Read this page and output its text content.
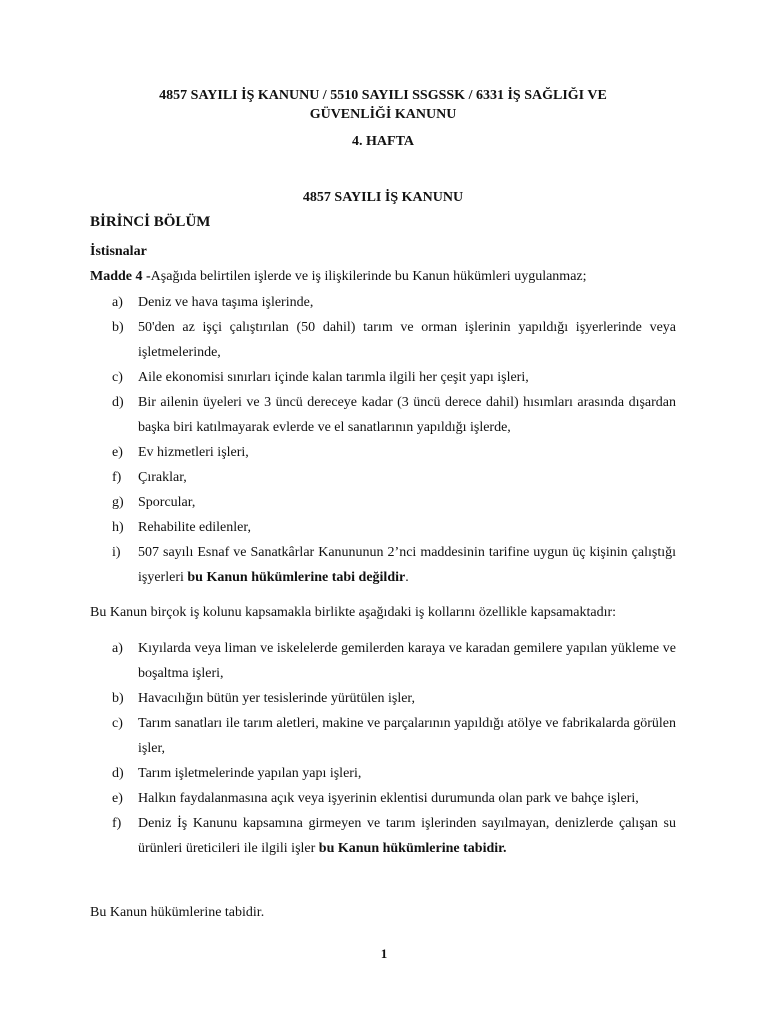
4857 SAYILI İŞ KANUNU / 5510 SAYILI SSGSSK / 6331 İŞ SAĞLIĞI VE
GÜVENLİĞİ KANUNU
4. HAFTA
4857 SAYILI İŞ KANUNU
BİRİNCİ BÖLÜM
İstisnalar
Madde 4 -Aşağıda belirtilen işlerde ve iş ilişkilerinde bu Kanun hükümleri uygulanmaz;
a) Deniz ve hava taşıma işlerinde,
b) 50'den az işçi çalıştırılan (50 dahil) tarım ve orman işlerinin yapıldığı işyerlerinde veya işletmelerinde,
c) Aile ekonomisi sınırları içinde kalan tarımla ilgili her çeşit yapı işleri,
d) Bir ailenin üyeleri ve 3 üncü dereceye kadar (3 üncü derece dahil) hısımları arasında dışardan başka biri katılmayarak evlerde ve el sanatlarının yapıldığı işlerde,
e) Ev hizmetleri işleri,
f) Çıraklar,
g) Sporcular,
h) Rehabilite edilenler,
i) 507 sayılı Esnaf ve Sanatkârlar Kanununun 2’nci maddesinin tarifine uygun üç kişinin çalıştığı işyerleri bu Kanun hükümlerine tabi değildir.
Bu Kanun birçok iş kolunu kapsamakla birlikte aşağıdaki iş kollarını özellikle kapsamaktadır:
a) Kıyılarda veya liman ve iskelelerde gemilerden karaya ve karadan gemilere yapılan yükleme ve boşaltma işleri,
b) Havacılığın bütün yer tesislerinde yürütülen işler,
c) Tarım sanatları ile tarım aletleri, makine ve parçalarının yapıldığı atölye ve fabrikalarda görülen işler,
d) Tarım işletmelerinde yapılan yapı işleri,
e) Halkın faydalanmasına açık veya işyerinin eklentisi durumunda olan park ve bahçe işleri,
f) Deniz İş Kanunu kapsamına girmeyen ve tarım işlerinden sayılmayan, denizlerde çalışan su ürünleri üreticileri ile ilgili işler bu Kanun hükümlerine tabidir.
Bu Kanun hükümlerine tabidir.
1
